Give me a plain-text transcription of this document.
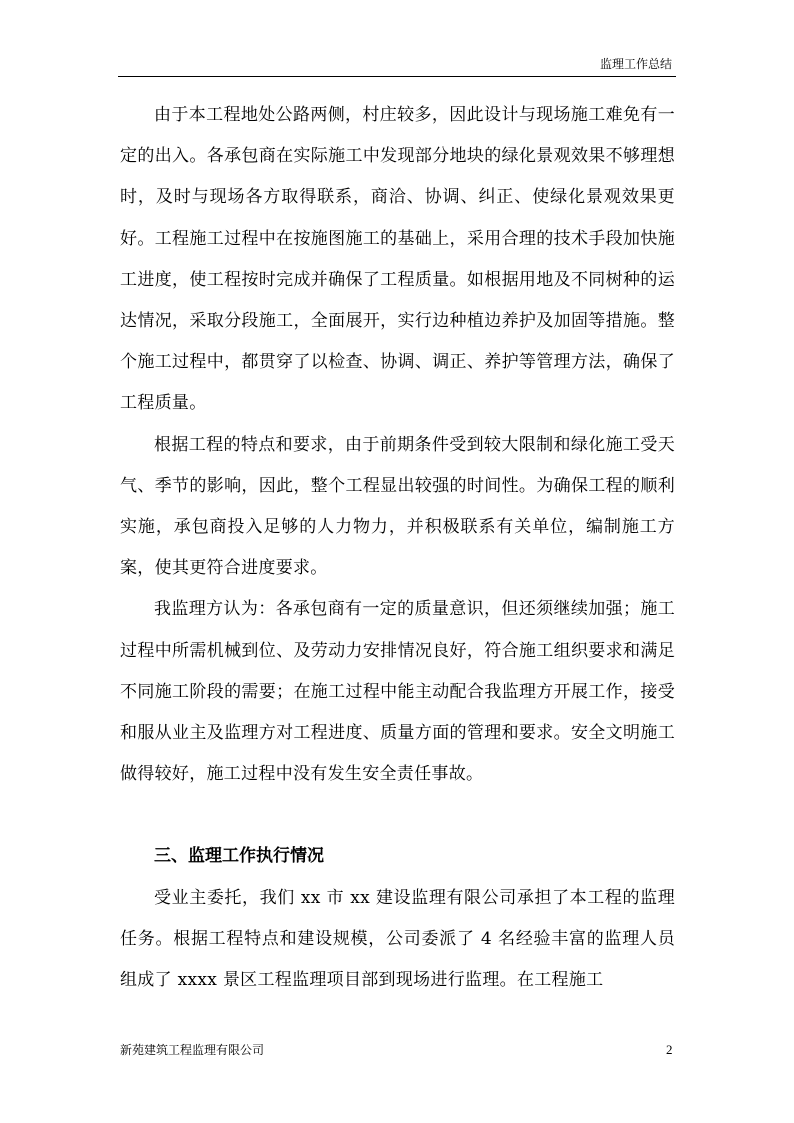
监理工作总结

由于本工程地处公路两侧，村庄较多，因此设计与现场施工难免有一定的出入。各承包商在实际施工中发现部分地块的绿化景观效果不够理想时，及时与现场各方取得联系，商洽、协调、纠正、使绿化景观效果更好。工程施工过程中在按施图施工的基础上，采用合理的技术手段加快施工进度，使工程按时完成并确保了工程质量。如根据用地及不同树种的运达情况，采取分段施工，全面展开，实行边种植边养护及加固等措施。整个施工过程中，都贯穿了以检查、协调、调正、养护等管理方法，确保了工程质量。

根据工程的特点和要求，由于前期条件受到较大限制和绿化施工受天气、季节的影响，因此，整个工程显出较强的时间性。为确保工程的顺利实施，承包商投入足够的人力物力，并积极联系有关单位，编制施工方案，使其更符合进度要求。

我监理方认为：各承包商有一定的质量意识，但还须继续加强；施工过程中所需机械到位、及劳动力安排情况良好，符合施工组织要求和满足不同施工阶段的需要；在施工过程中能主动配合我监理方开展工作，接受和服从业主及监理方对工程进度、质量方面的管理和要求。安全文明施工做得较好，施工过程中没有发生安全责任事故。

三、监理工作执行情况

受业主委托，我们 xx 市 xx 建设监理有限公司承担了本工程的监理任务。根据工程特点和建设规模，公司委派了 4 名经验丰富的监理人员组成了 xxxx 景区工程监理项目部到现场进行监理。在工程施工

新苑建筑工程监理有限公司	2
